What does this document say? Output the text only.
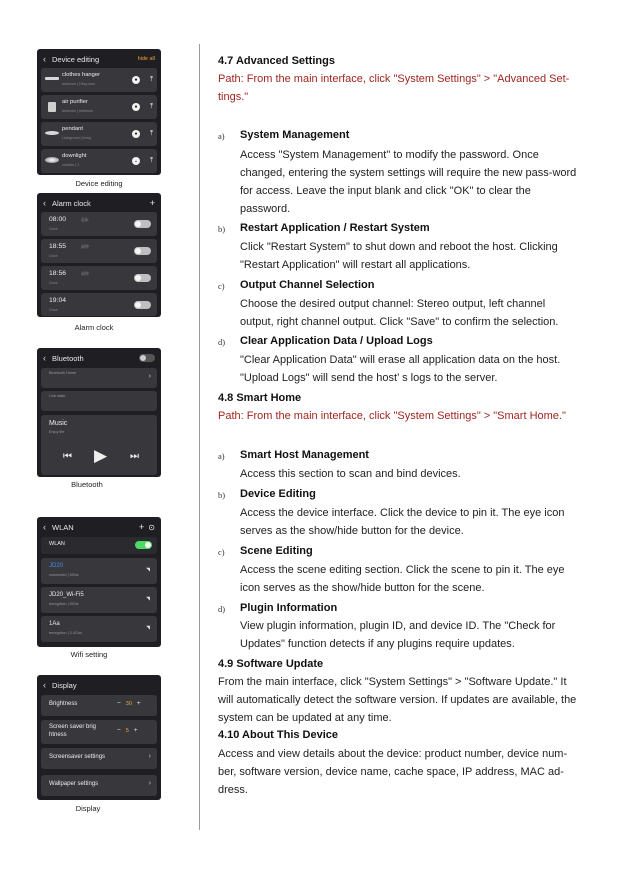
‹ Device editing	hide all
clothes hanger
bedroom | Ding conn
●	⤒
air purifier
bedroom | bedroom
●	⤒
pendant
Livingroom | living
●	⤒
downlight
corridor | 1
⌄ ⤒
Device editing
‹ Alarm clock	+
08:00	起床
Once
18:55	闹钟
Once
18:56	闹钟
Once
19:04
Once
Alarm clock
‹ Bluetooth
Bluetooth Home	›
Link state
Music
Enjoy life
⏮ ▶ ⏭
Bluetooth
‹ WLAN	+ ⊙
WLAN
JD20
connected | 5Ghz
◥
JD20_Wi-Fi5
encryption | 5Ghz
◥
1Aa
encryption | 2.4Ghz
◥
Wifi setting
‹ Display
Brightness	− 30 +
Screen saver brig htness
− 5 +
Screensaver settings	›
Wallpaper settings	›
Display
4.7 Advanced Settings
Path: From the main interface, click "System Settings" > "Advanced Set-tings."
a) System Management
Access "System Management" to modify the password. Once changed, entering the system settings will require the new pass-word for access. Leave the input blank and click "OK" to clear the password.
b) Restart Application / Restart System
Click "Restart System" to shut down and reboot the host. Clicking "Restart Application" will restart all applications.
c) Output Channel Selection
Choose the desired output channel: Stereo output, left channel output, right channel output. Click "Save" to confirm the selection.
d) Clear Application Data / Upload Logs
"Clear Application Data" will erase all application data on the host. "Upload Logs" will send the host’ s logs to the server.
4.8 Smart Home
Path: From the main interface, click "System Settings" > "Smart Home."
a) Smart Host Management
Access this section to scan and bind devices.
b) Device Editing
Access the device interface. Click the device to pin it. The eye icon serves as the show/hide button for the device.
c) Scene Editing
Access the scene editing section. Click the scene to pin it. The eye icon serves as the show/hide button for the scene.
d) Plugin Information
View plugin information, plugin ID, and device ID. The "Check for Updates" function detects if any plugins require updates.
4.9 Software Update
From the main interface, click "System Settings" > "Software Update." It will automatically detect the software version. If updates are available, the system can be updated at any time.
4.10 About This Device
Access and view details about the device: product number, device num-ber, software version, device name, cache space, IP address, MAC ad-dress.
